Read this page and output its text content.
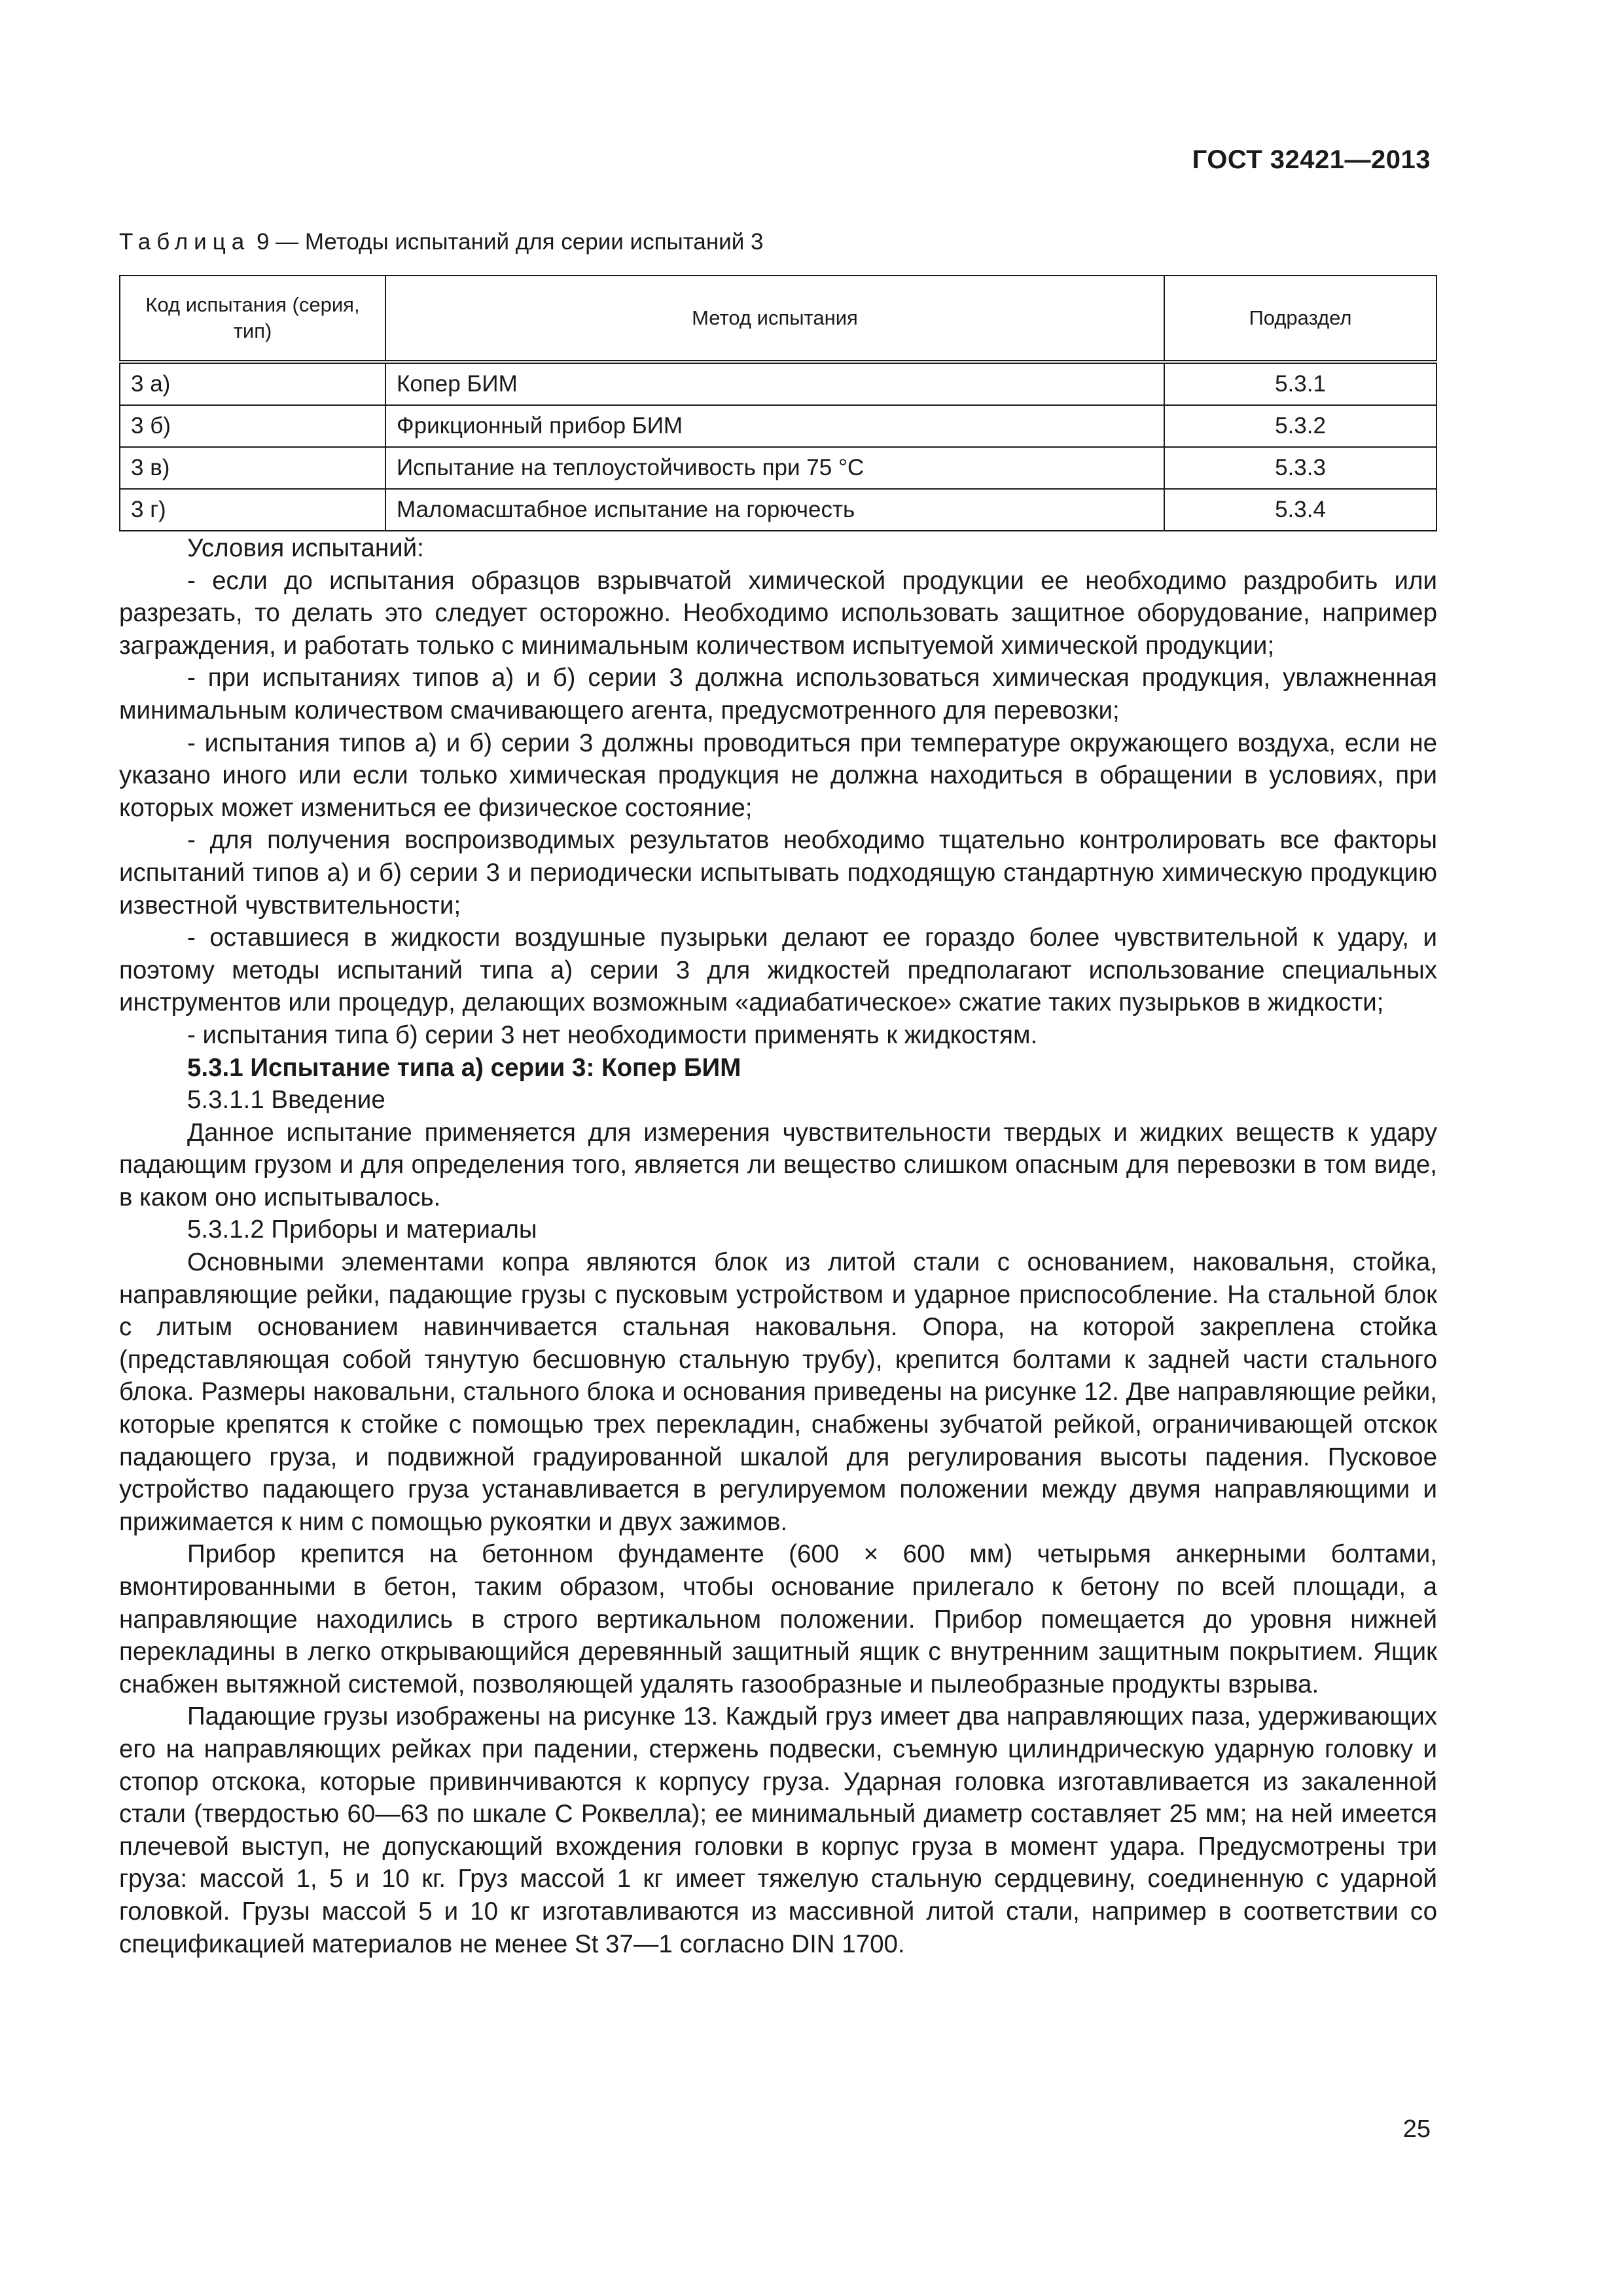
ГОСТ 32421—2013
Таблица 9 — Методы испытаний для серии испытаний 3
Код испытания (серия, тип)	Метод испытания	Подраздел
3 а)	Копер БИМ	5.3.1
3 б)	Фрикционный прибор БИМ	5.3.2
3 в)	Испытание на теплоустойчивость при 75 °С	5.3.3
3 г)	Маломасштабное испытание на горючесть	5.3.4

Условия испытаний:

- если до испытания образцов взрывчатой химической продукции ее необходимо раздробить или разрезать, то делать это следует осторожно. Необходимо использовать защитное оборудование, например заграждения, и работать только с минимальным количеством испытуемой химической продукции;

- при испытаниях типов а) и б) серии 3 должна использоваться химическая продукция, увлажненная минимальным количеством смачивающего агента, предусмотренного для перевозки;

- испытания типов а) и б) серии 3 должны проводиться при температуре окружающего воздуха, если не указано иного или если только химическая продукция не должна находиться в обращении в условиях, при которых может измениться ее физическое состояние;

- для получения воспроизводимых результатов необходимо тщательно контролировать все факторы испытаний типов а) и б) серии 3 и периодически испытывать подходящую стандартную химическую продукцию известной чувствительности;

- оставшиеся в жидкости воздушные пузырьки делают ее гораздо более чувствительной к удару, и поэтому методы испытаний типа а) серии 3 для жидкостей предполагают использование специальных инструментов или процедур, делающих возможным «адиабатическое» сжатие таких пузырьков в жидкости;

- испытания типа б) серии 3 нет необходимости применять к жидкостям.

5.3.1 Испытание типа а) серии 3: Копер БИМ

5.3.1.1 Введение

Данное испытание применяется для измерения чувствительности твердых и жидких веществ к удару падающим грузом и для определения того, является ли вещество слишком опасным для перевозки в том виде, в каком оно испытывалось.

5.3.1.2 Приборы и материалы

Основными элементами копра являются блок из литой стали с основанием, наковальня, стойка, направляющие рейки, падающие грузы с пусковым устройством и ударное приспособление. На стальной блок с литым основанием навинчивается стальная наковальня. Опора, на которой закреплена стойка (представляющая собой тянутую бесшовную стальную трубу), крепится болтами к задней части стального блока. Размеры наковальни, стального блока и основания приведены на рисунке 12. Две направляющие рейки, которые крепятся к стойке с помощью трех перекладин, снабжены зубчатой рейкой, ограничивающей отскок падающего груза, и подвижной градуированной шкалой для регулирования высоты падения. Пусковое устройство падающего груза устанавливается в регулируемом положении между двумя направляющими и прижимается к ним с помощью рукоятки и двух зажимов.

Прибор крепится на бетонном фундаменте (600 × 600 мм) четырьмя анкерными болтами, вмонтированными в бетон, таким образом, чтобы основание прилегало к бетону по всей площади, а направляющие находились в строго вертикальном положении. Прибор помещается до уровня нижней перекладины в легко открывающийся деревянный защитный ящик с внутренним защитным покрытием. Ящик снабжен вытяжной системой, позволяющей удалять газообразные и пылеобразные продукты взрыва.

Падающие грузы изображены на рисунке 13. Каждый груз имеет два направляющих паза, удерживающих его на направляющих рейках при падении, стержень подвески, съемную цилиндрическую ударную головку и стопор отскока, которые привинчиваются к корпусу груза. Ударная головка изготавливается из закаленной стали (твердостью 60—63 по шкале С Роквелла); ее минимальный диаметр составляет 25 мм; на ней имеется плечевой выступ, не допускающий вхождения головки в корпус груза в момент удара. Предусмотрены три груза: массой 1, 5 и 10 кг. Груз массой 1 кг имеет тяжелую стальную сердцевину, соединенную с ударной головкой. Грузы массой 5 и 10 кг изготавливаются из массивной литой стали, например в соответствии со спецификацией материалов не менее St 37—1 согласно DIN 1700.

25
